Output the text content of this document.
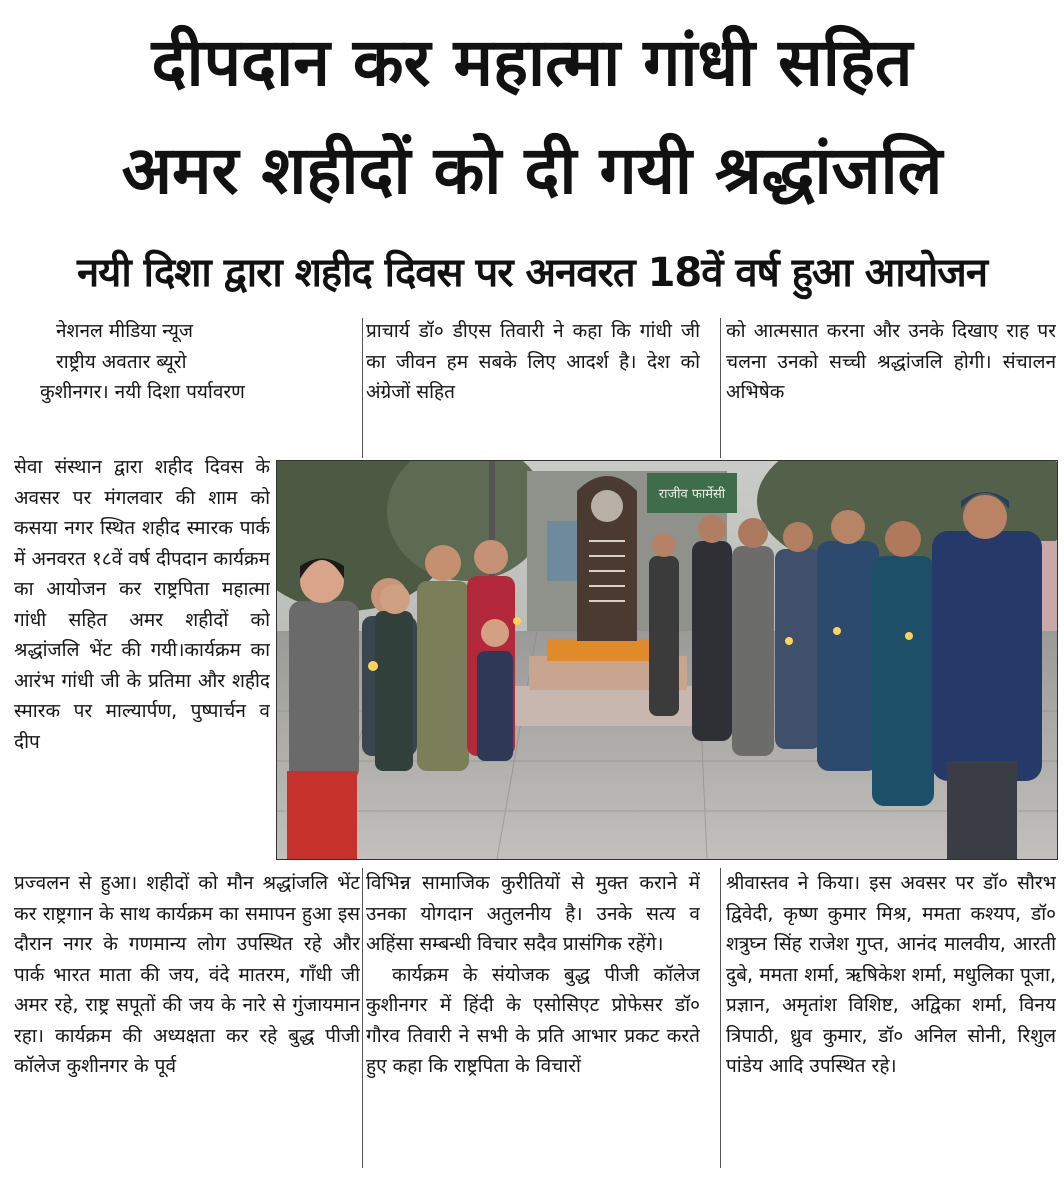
दीपदान कर महात्मा गांधी सहित
अमर शहीदों को दी गयी श्रद्धांजलि
नयी दिशा द्वारा शहीद दिवस पर अनवरत 18वें वर्ष हुआ आयोजन

नेशनल मीडिया न्यूज

राष्ट्रीय अवतार ब्यूरो

कुशीनगर। नयी दिशा पर्यावरण

सेवा संस्थान द्वारा शहीद दिवस के अवसर पर मंगलवार की शाम को कसया नगर स्थित शहीद स्मारक पार्क में अनवरत १८वें वर्ष दीपदान कार्यक्रम का आयोजन कर राष्ट्रपिता महात्मा गांधी सहित अमर शहीदों को श्रद्धांजलि भेंट की गयी।कार्यक्रम का आरंभ गांधी जी के प्रतिमा और शहीद स्मारक पर माल्यार्पण, पुष्पार्चन व दीप

प्रज्वलन से हुआ। शहीदों को मौन श्रद्धांजलि भेंट कर राष्ट्रगान के साथ कार्यक्रम का समापन हुआ इस दौरान नगर के गणमान्य लोग उपस्थित रहे और पार्क भारत माता की जय, वंदे मातरम, गाँधी जी अमर रहे, राष्ट्र सपूतों की जय के नारे से गुंजायमान रहा। कार्यक्रम की अध्यक्षता कर रहे बुद्ध पीजी कॉलेज कुशीनगर के पूर्व

प्राचार्य डॉ० डीएस तिवारी ने कहा कि गांधी जी का जीवन हम सबके लिए आदर्श है। देश को अंग्रेजों सहित

विभिन्न सामाजिक कुरीतियों से मुक्त कराने में उनका योगदान अतुलनीय है। उनके सत्य व अहिंसा सम्बन्धी विचार सदैव प्रासंगिक रहेंगे।

कार्यक्रम के संयोजक बुद्ध पीजी कॉलेज कुशीनगर में हिंदी के एसोसिएट प्रोफेसर डॉ० गौरव तिवारी ने सभी के प्रति आभार प्रकट करते हुए कहा कि राष्ट्रपिता के विचारों

को आत्मसात करना और उनके दिखाए राह पर चलना उनको सच्ची श्रद्धांजलि होगी। संचालन अभिषेक

श्रीवास्तव ने किया। इस अवसर पर डॉ० सौरभ द्विवेदी, कृष्ण कुमार मिश्र, ममता कश्यप, डॉ० शत्रुघ्न सिंह राजेश गुप्त, आनंद मालवीय, आरती दुबे, ममता शर्मा, ऋषिकेश शर्मा, मधुलिका पूजा, प्रज्ञान, अमृतांश विशिष्ट, अद्विका शर्मा, विनय त्रिपाठी, ध्रुव कुमार, डॉ० अनिल सोनी, रिशुल पांडेय आदि उपस्थित रहे।

राजीव फार्मेसी
